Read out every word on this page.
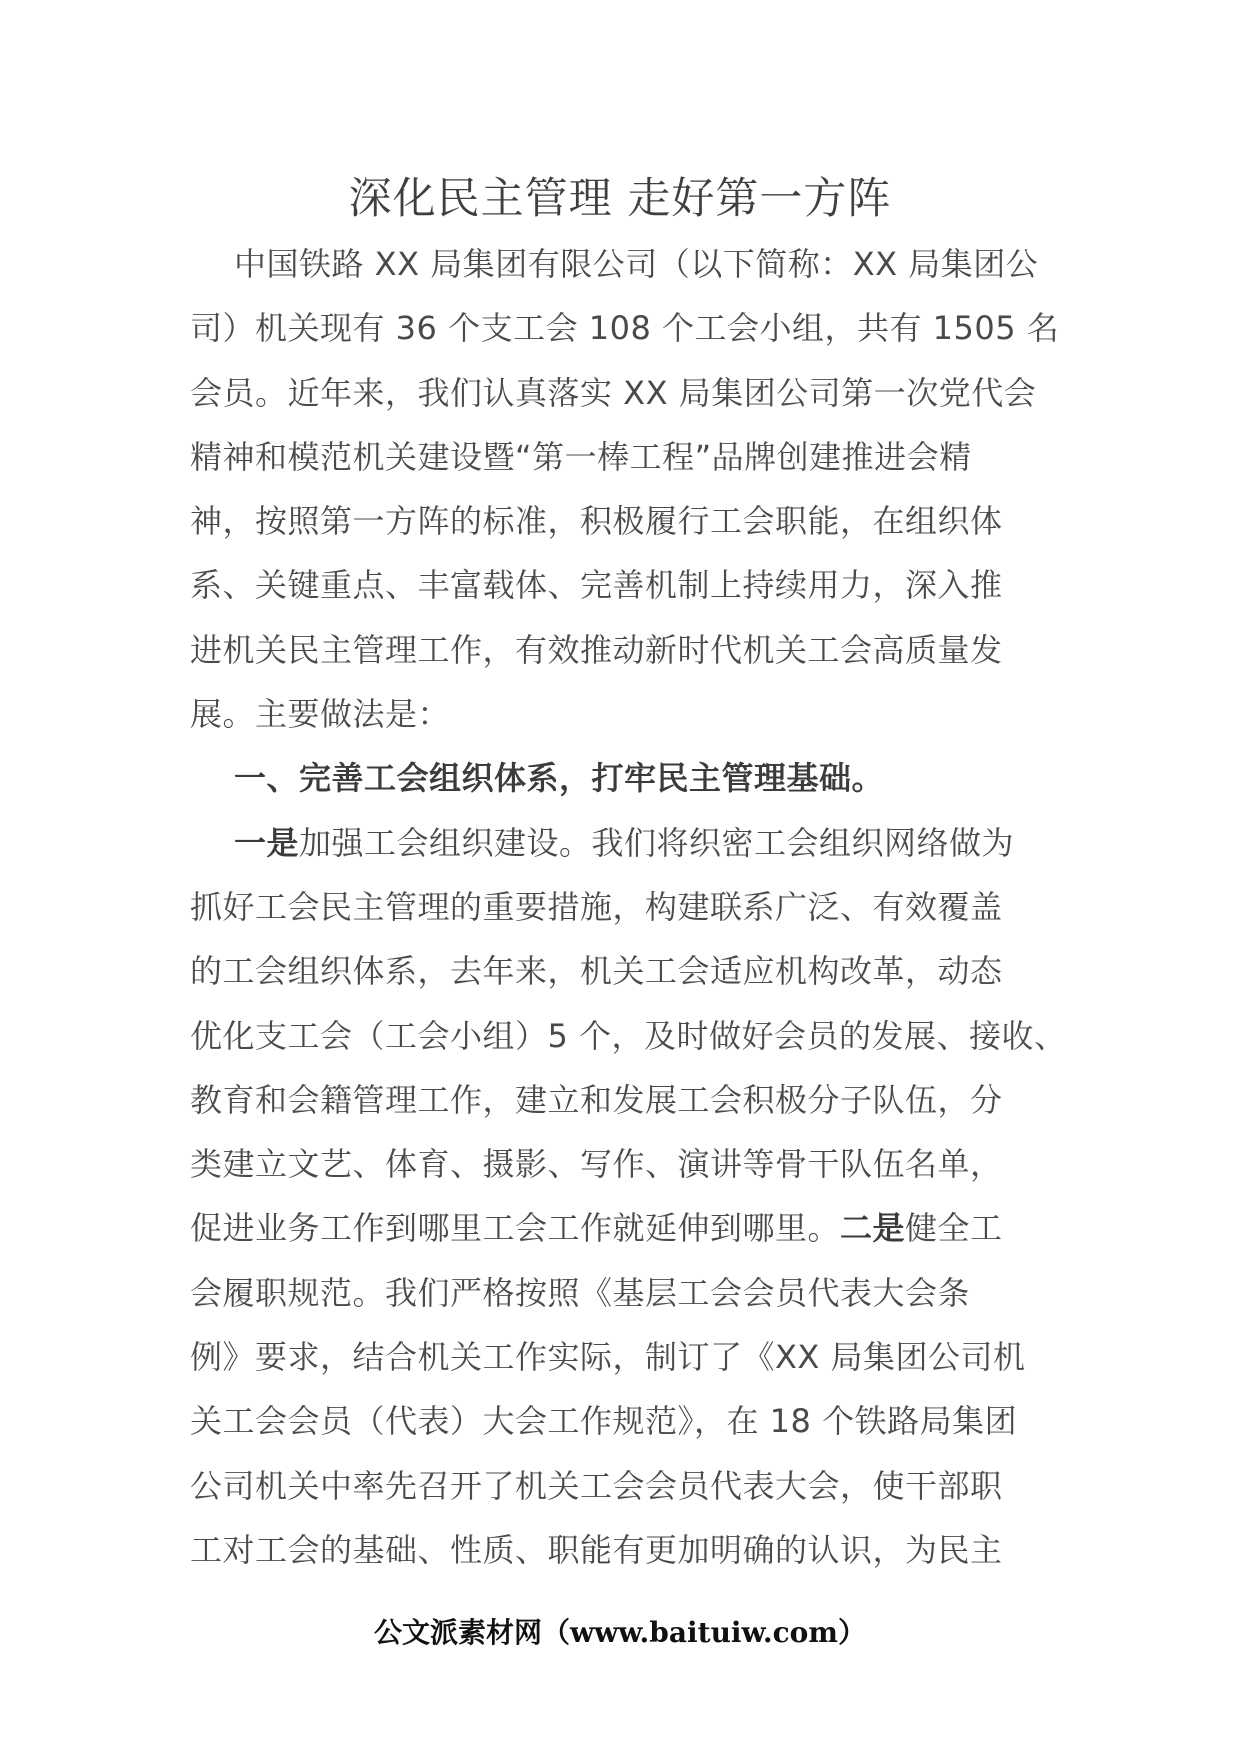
深化民主管理 走好第一方阵
中国铁路 XX 局集团有限公司（以下简称：XX 局集团公
司）机关现有 36 个支工会 108 个工会小组，共有 1505 名
会员。近年来，我们认真落实 XX 局集团公司第一次党代会
精神和模范机关建设暨“第一棒工程”品牌创建推进会精
神，按照第一方阵的标准，积极履行工会职能，在组织体
系、关键重点、丰富载体、完善机制上持续用力，深入推
进机关民主管理工作，有效推动新时代机关工会高质量发
展。主要做法是：
一、完善工会组织体系，打牢民主管理基础。
一是加强工会组织建设。我们将织密工会组织网络做为
抓好工会民主管理的重要措施，构建联系广泛、有效覆盖
的工会组织体系，去年来，机关工会适应机构改革，动态
优化支工会（工会小组）5 个，及时做好会员的发展、接收、
教育和会籍管理工作，建立和发展工会积极分子队伍，分
类建立文艺、体育、摄影、写作、演讲等骨干队伍名单，
促进业务工作到哪里工会工作就延伸到哪里。二是健全工
会履职规范。我们严格按照《基层工会会员代表大会条
例》要求，结合机关工作实际，制订了《XX 局集团公司机
关工会会员（代表）大会工作规范》，在 18 个铁路局集团
公司机关中率先召开了机关工会会员代表大会，使干部职
工对工会的基础、性质、职能有更加明确的认识，为民主
公文派素材网（www.baituiw.com）
